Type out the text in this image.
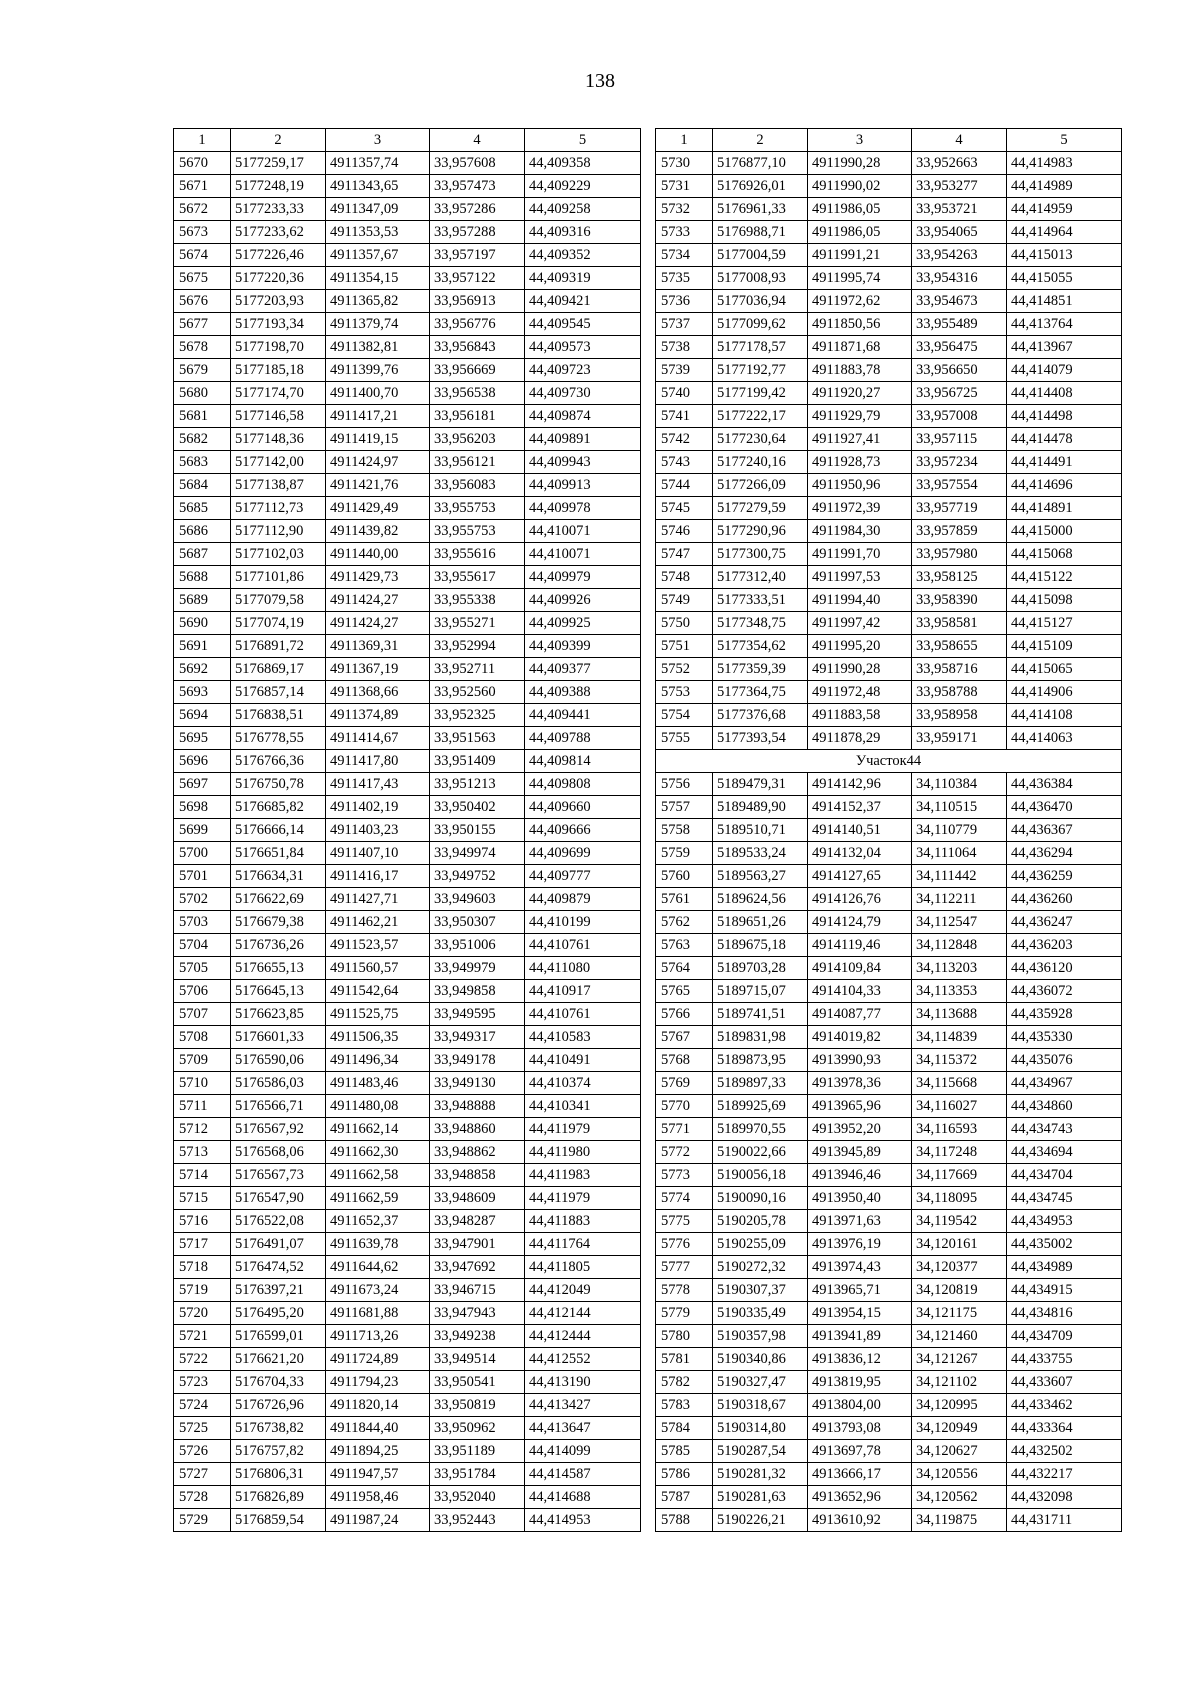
138
1	2	3	4	5
5670	5177259,17	4911357,74	33,957608	44,409358
5671	5177248,19	4911343,65	33,957473	44,409229
5672	5177233,33	4911347,09	33,957286	44,409258
5673	5177233,62	4911353,53	33,957288	44,409316
5674	5177226,46	4911357,67	33,957197	44,409352
5675	5177220,36	4911354,15	33,957122	44,409319
5676	5177203,93	4911365,82	33,956913	44,409421
5677	5177193,34	4911379,74	33,956776	44,409545
5678	5177198,70	4911382,81	33,956843	44,409573
5679	5177185,18	4911399,76	33,956669	44,409723
5680	5177174,70	4911400,70	33,956538	44,409730
5681	5177146,58	4911417,21	33,956181	44,409874
5682	5177148,36	4911419,15	33,956203	44,409891
5683	5177142,00	4911424,97	33,956121	44,409943
5684	5177138,87	4911421,76	33,956083	44,409913
5685	5177112,73	4911429,49	33,955753	44,409978
5686	5177112,90	4911439,82	33,955753	44,410071
5687	5177102,03	4911440,00	33,955616	44,410071
5688	5177101,86	4911429,73	33,955617	44,409979
5689	5177079,58	4911424,27	33,955338	44,409926
5690	5177074,19	4911424,27	33,955271	44,409925
5691	5176891,72	4911369,31	33,952994	44,409399
5692	5176869,17	4911367,19	33,952711	44,409377
5693	5176857,14	4911368,66	33,952560	44,409388
5694	5176838,51	4911374,89	33,952325	44,409441
5695	5176778,55	4911414,67	33,951563	44,409788
5696	5176766,36	4911417,80	33,951409	44,409814
5697	5176750,78	4911417,43	33,951213	44,409808
5698	5176685,82	4911402,19	33,950402	44,409660
5699	5176666,14	4911403,23	33,950155	44,409666
5700	5176651,84	4911407,10	33,949974	44,409699
5701	5176634,31	4911416,17	33,949752	44,409777
5702	5176622,69	4911427,71	33,949603	44,409879
5703	5176679,38	4911462,21	33,950307	44,410199
5704	5176736,26	4911523,57	33,951006	44,410761
5705	5176655,13	4911560,57	33,949979	44,411080
5706	5176645,13	4911542,64	33,949858	44,410917
5707	5176623,85	4911525,75	33,949595	44,410761
5708	5176601,33	4911506,35	33,949317	44,410583
5709	5176590,06	4911496,34	33,949178	44,410491
5710	5176586,03	4911483,46	33,949130	44,410374
5711	5176566,71	4911480,08	33,948888	44,410341
5712	5176567,92	4911662,14	33,948860	44,411979
5713	5176568,06	4911662,30	33,948862	44,411980
5714	5176567,73	4911662,58	33,948858	44,411983
5715	5176547,90	4911662,59	33,948609	44,411979
5716	5176522,08	4911652,37	33,948287	44,411883
5717	5176491,07	4911639,78	33,947901	44,411764
5718	5176474,52	4911644,62	33,947692	44,411805
5719	5176397,21	4911673,24	33,946715	44,412049
5720	5176495,20	4911681,88	33,947943	44,412144
5721	5176599,01	4911713,26	33,949238	44,412444
5722	5176621,20	4911724,89	33,949514	44,412552
5723	5176704,33	4911794,23	33,950541	44,413190
5724	5176726,96	4911820,14	33,950819	44,413427
5725	5176738,82	4911844,40	33,950962	44,413647
5726	5176757,82	4911894,25	33,951189	44,414099
5727	5176806,31	4911947,57	33,951784	44,414587
5728	5176826,89	4911958,46	33,952040	44,414688
5729	5176859,54	4911987,24	33,952443	44,414953
1	2	3	4	5
5730	5176877,10	4911990,28	33,952663	44,414983
5731	5176926,01	4911990,02	33,953277	44,414989
5732	5176961,33	4911986,05	33,953721	44,414959
5733	5176988,71	4911986,05	33,954065	44,414964
5734	5177004,59	4911991,21	33,954263	44,415013
5735	5177008,93	4911995,74	33,954316	44,415055
5736	5177036,94	4911972,62	33,954673	44,414851
5737	5177099,62	4911850,56	33,955489	44,413764
5738	5177178,57	4911871,68	33,956475	44,413967
5739	5177192,77	4911883,78	33,956650	44,414079
5740	5177199,42	4911920,27	33,956725	44,414408
5741	5177222,17	4911929,79	33,957008	44,414498
5742	5177230,64	4911927,41	33,957115	44,414478
5743	5177240,16	4911928,73	33,957234	44,414491
5744	5177266,09	4911950,96	33,957554	44,414696
5745	5177279,59	4911972,39	33,957719	44,414891
5746	5177290,96	4911984,30	33,957859	44,415000
5747	5177300,75	4911991,70	33,957980	44,415068
5748	5177312,40	4911997,53	33,958125	44,415122
5749	5177333,51	4911994,40	33,958390	44,415098
5750	5177348,75	4911997,42	33,958581	44,415127
5751	5177354,62	4911995,20	33,958655	44,415109
5752	5177359,39	4911990,28	33,958716	44,415065
5753	5177364,75	4911972,48	33,958788	44,414906
5754	5177376,68	4911883,58	33,958958	44,414108
5755	5177393,54	4911878,29	33,959171	44,414063
Участок44				
5756	5189479,31	4914142,96	34,110384	44,436384
5757	5189489,90	4914152,37	34,110515	44,436470
5758	5189510,71	4914140,51	34,110779	44,436367
5759	5189533,24	4914132,04	34,111064	44,436294
5760	5189563,27	4914127,65	34,111442	44,436259
5761	5189624,56	4914126,76	34,112211	44,436260
5762	5189651,26	4914124,79	34,112547	44,436247
5763	5189675,18	4914119,46	34,112848	44,436203
5764	5189703,28	4914109,84	34,113203	44,436120
5765	5189715,07	4914104,33	34,113353	44,436072
5766	5189741,51	4914087,77	34,113688	44,435928
5767	5189831,98	4914019,82	34,114839	44,435330
5768	5189873,95	4913990,93	34,115372	44,435076
5769	5189897,33	4913978,36	34,115668	44,434967
5770	5189925,69	4913965,96	34,116027	44,434860
5771	5189970,55	4913952,20	34,116593	44,434743
5772	5190022,66	4913945,89	34,117248	44,434694
5773	5190056,18	4913946,46	34,117669	44,434704
5774	5190090,16	4913950,40	34,118095	44,434745
5775	5190205,78	4913971,63	34,119542	44,434953
5776	5190255,09	4913976,19	34,120161	44,435002
5777	5190272,32	4913974,43	34,120377	44,434989
5778	5190307,37	4913965,71	34,120819	44,434915
5779	5190335,49	4913954,15	34,121175	44,434816
5780	5190357,98	4913941,89	34,121460	44,434709
5781	5190340,86	4913836,12	34,121267	44,433755
5782	5190327,47	4913819,95	34,121102	44,433607
5783	5190318,67	4913804,00	34,120995	44,433462
5784	5190314,80	4913793,08	34,120949	44,433364
5785	5190287,54	4913697,78	34,120627	44,432502
5786	5190281,32	4913666,17	34,120556	44,432217
5787	5190281,63	4913652,96	34,120562	44,432098
5788	5190226,21	4913610,92	34,119875	44,431711
